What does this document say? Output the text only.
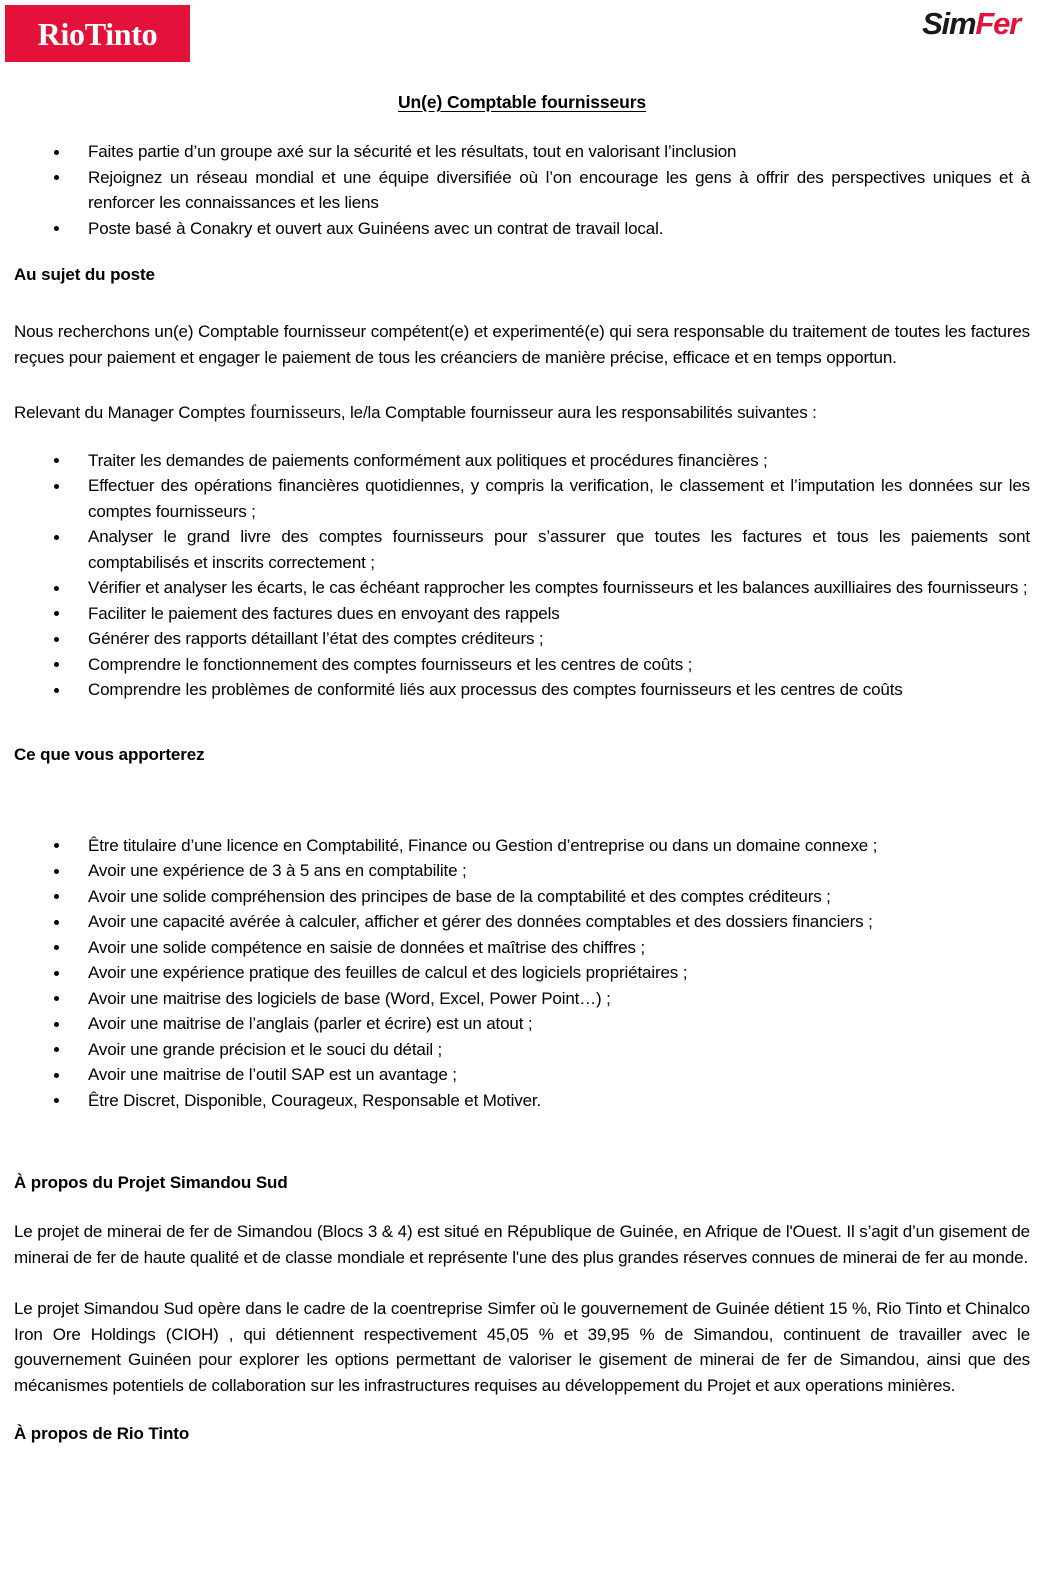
RioTinto	SimFer
Un(e) Comptable fournisseurs
Faites partie d’un groupe axé sur la sécurité et les résultats, tout en valorisant l’inclusion
Rejoignez un réseau mondial et une équipe diversifiée où l’on encourage les gens à offrir des perspectives uniques et à renforcer les connaissances et les liens
Poste basé à Conakry et ouvert aux Guinéens avec un contrat de travail local.
Au sujet du poste

Nous recherchons un(e) Comptable fournisseur compétent(e) et experimenté(e) qui sera responsable du traitement de toutes les factures reçues pour paiement et engager le paiement de tous les créanciers de manière précise, efficace et en temps opportun.

Relevant du Manager Comptes fournisseurs, le/la Comptable fournisseur aura les responsabilités suivantes :

Traiter les demandes de paiements conformément aux politiques et procédures financières ;
Effectuer des opérations financières quotidiennes, y compris la verification, le classement et l’imputation les données sur les comptes fournisseurs ;
Analyser le grand livre des comptes fournisseurs pour s’assurer que toutes les factures et tous les paiements sont comptabilisés et inscrits correctement ;
Vérifier et analyser les écarts, le cas échéant rapprocher les comptes fournisseurs et les balances auxilliaires des fournisseurs ;
Faciliter le paiement des factures dues en envoyant des rappels
Générer des rapports détaillant l’état des comptes créditeurs ;
Comprendre le fonctionnement des comptes fournisseurs et les centres de coûts ;
Comprendre les problèmes de conformité liés aux processus des comptes fournisseurs et les centres de coûts
Ce que vous apporterez
Être titulaire d’une licence en Comptabilité, Finance ou Gestion d’entreprise ou dans un domaine connexe ;
Avoir une expérience de 3 à 5 ans en comptabilite ;
Avoir une solide compréhension des principes de base de la comptabilité et des comptes créditeurs ;
Avoir une capacité avérée à calculer, afficher et gérer des données comptables et des dossiers financiers ;
Avoir une solide compétence en saisie de données et maîtrise des chiffres ;
Avoir une expérience pratique des feuilles de calcul et des logiciels propriétaires ;
Avoir une maitrise des logiciels de base (Word, Excel, Power Point…) ;
Avoir une maitrise de l’anglais (parler et écrire) est un atout ;
Avoir une grande précision et le souci du détail ;
Avoir une maitrise de l’outil SAP est un avantage ;
Être Discret, Disponible, Courageux, Responsable et Motiver.
À propos du Projet Simandou Sud

Le projet de minerai de fer de Simandou (Blocs 3 & 4) est situé en République de Guinée, en Afrique de l'Ouest. Il s’agit d’un gisement de minerai de fer de haute qualité et de classe mondiale et représente l'une des plus grandes réserves connues de minerai de fer au monde.

Le projet Simandou Sud opère dans le cadre de la coentreprise Simfer où le gouvernement de Guinée détient 15 %, Rio Tinto et Chinalco Iron Ore Holdings (CIOH) , qui détiennent respectivement 45,05 % et 39,95 % de Simandou, continuent de travailler avec le gouvernement Guinéen pour explorer les options permettant de valoriser le gisement de minerai de fer de Simandou, ainsi que des mécanismes potentiels de collaboration sur les infrastructures requises au développement du Projet et aux operations minières.

À propos de Rio Tinto
